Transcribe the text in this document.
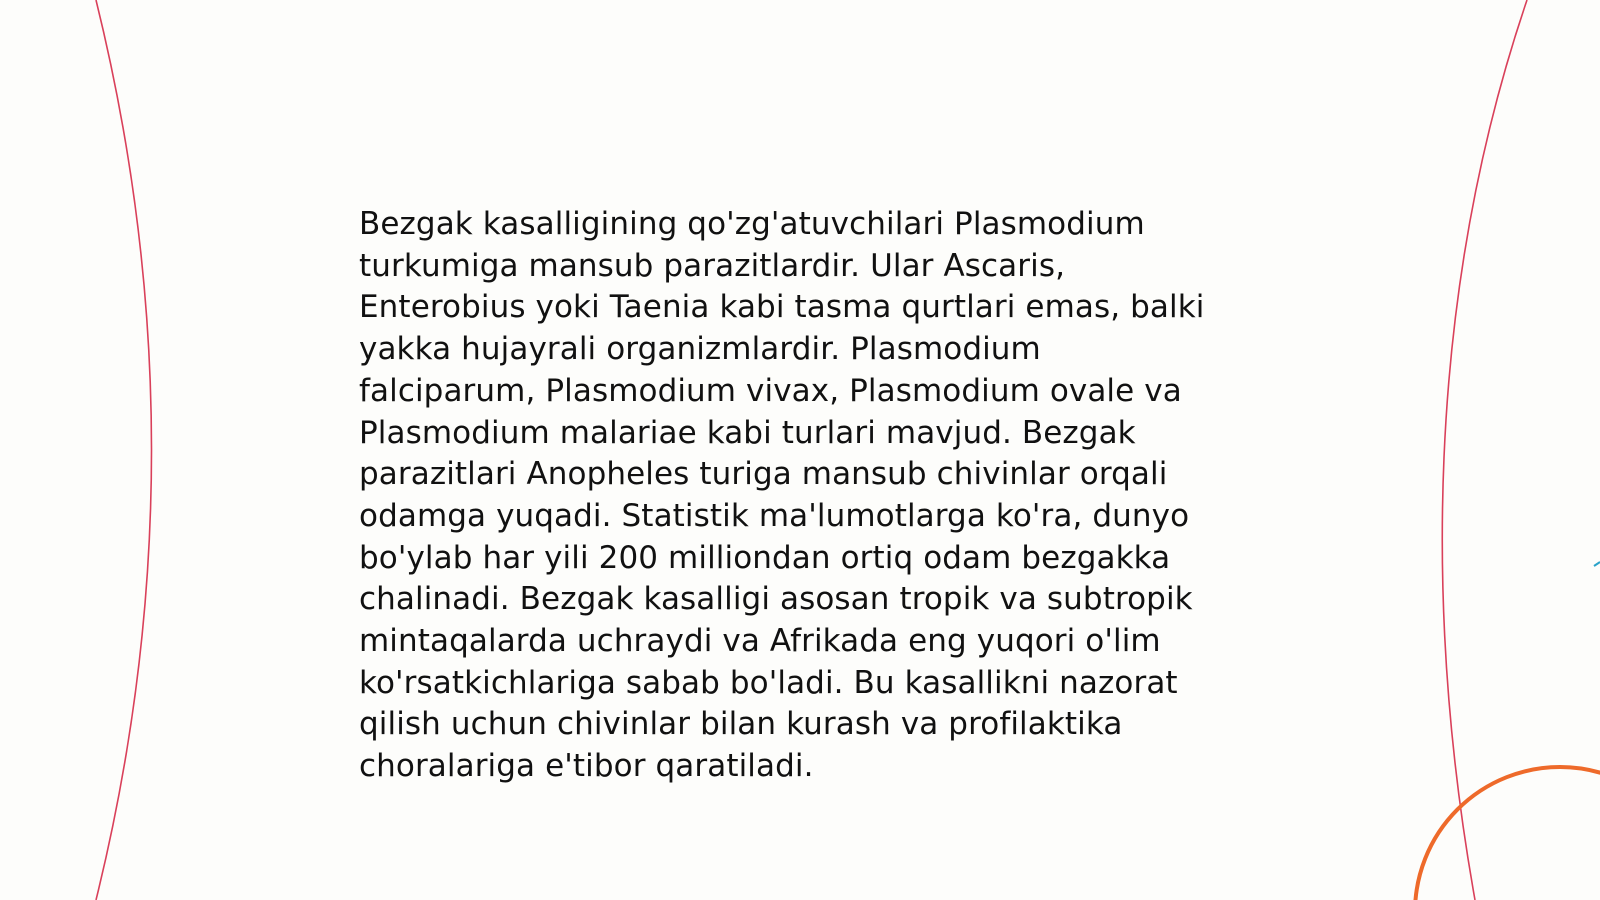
Bezgak kasalligining qo'zg'atuvchilari Plasmodium
turkumiga mansub parazitlardir. Ular Ascaris,
Enterobius yoki Taenia kabi tasma qurtlari emas, balki
yakka hujayrali organizmlardir. Plasmodium
falciparum, Plasmodium vivax, Plasmodium ovale va
Plasmodium malariae kabi turlari mavjud. Bezgak
parazitlari Anopheles turiga mansub chivinlar orqali
odamga yuqadi. Statistik ma'lumotlarga ko'ra, dunyo
bo'ylab har yili 200 milliondan ortiq odam bezgakka
chalinadi. Bezgak kasalligi asosan tropik va subtropik
mintaqalarda uchraydi va Afrikada eng yuqori o'lim
ko'rsatkichlariga sabab bo'ladi. Bu kasallikni nazorat
qilish uchun chivinlar bilan kurash va profilaktika
choralariga e'tibor qaratiladi.
